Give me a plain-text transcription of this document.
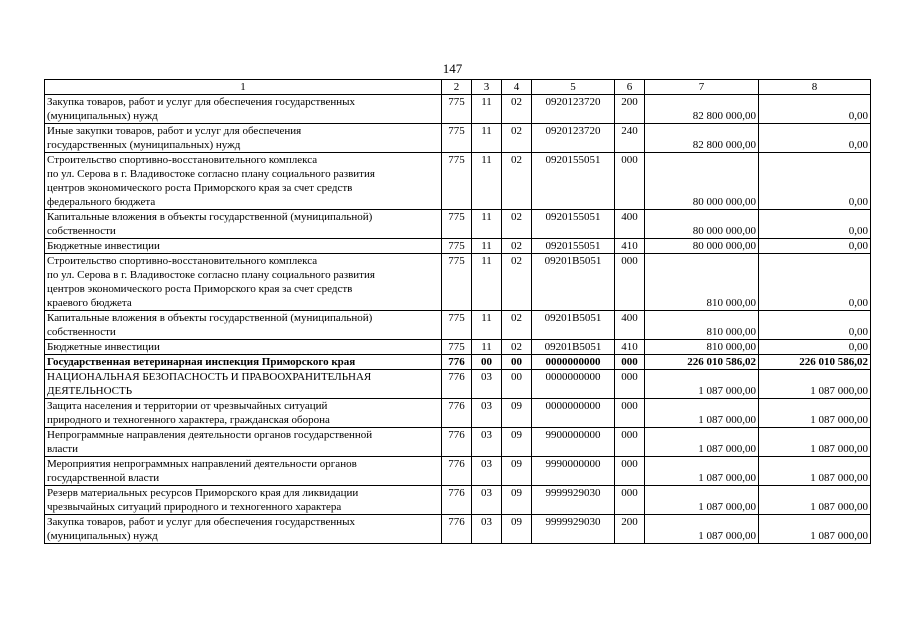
147
1	2	3	4	5	6	7	8

Закупка товаров, работ и услуг для обеспечения государственных
(муниципальных) нужд	775	11	02	0920123720	200	82 800 000,00	0,00

Иные закупки товаров, работ и услуг для обеспечения
государственных (муниципальных) нужд	775	11	02	0920123720	240	82 800 000,00	0,00

Строительство спортивно-восстановительного комплекса
по ул. Серова в г. Владивостоке согласно плану социального развития
центров экономического роста Приморского края за счет средств
федерального бюджета	775	11	02	0920155051	000	80 000 000,00	0,00

Капитальные вложения в объекты государственной (муниципальной)
собственности	775	11	02	0920155051	400	80 000 000,00	0,00

Бюджетные инвестиции	775	11	02	0920155051	410	80 000 000,00	0,00

Строительство спортивно-восстановительного комплекса
по ул. Серова в г. Владивостоке согласно плану социального развития
центров экономического роста Приморского края за счет средств
краевого бюджета	775	11	02	09201B5051	000	810 000,00	0,00

Капитальные вложения в объекты государственной (муниципальной)
собственности	775	11	02	09201B5051	400	810 000,00	0,00

Бюджетные инвестиции	775	11	02	09201B5051	410	810 000,00	0,00

Государственная ветеринарная инспекция Приморского края	776	00	00	0000000000	000	226 010 586,02	226 010 586,02

НАЦИОНАЛЬНАЯ БЕЗОПАСНОСТЬ И ПРАВООХРАНИТЕЛЬНАЯ
ДЕЯТЕЛЬНОСТЬ	776	03	00	0000000000	000	1 087 000,00	1 087 000,00

Защита населения и территории от чрезвычайных ситуаций
природного и техногенного характера, гражданская оборона	776	03	09	0000000000	000	1 087 000,00	1 087 000,00

Непрограммные направления деятельности органов государственной
власти	776	03	09	9900000000	000	1 087 000,00	1 087 000,00

Мероприятия непрограммных направлений деятельности органов
государственной власти	776	03	09	9990000000	000	1 087 000,00	1 087 000,00

Резерв материальных ресурсов Приморского края для ликвидации
чрезвычайных ситуаций природного и техногенного характера	776	03	09	9999929030	000	1 087 000,00	1 087 000,00

Закупка товаров, работ и услуг для обеспечения государственных
(муниципальных) нужд	776	03	09	9999929030	200	1 087 000,00	1 087 000,00
